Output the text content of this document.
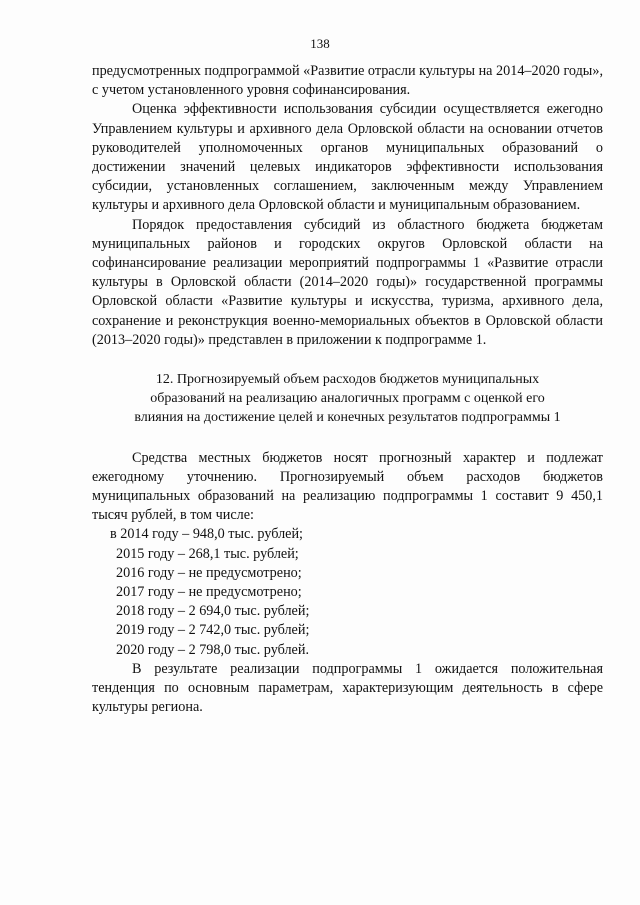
138

предусмотренных подпрограммой «Развитие отрасли культуры на 2014–2020 годы», с учетом установленного уровня софинансирования.

Оценка эффективности использования субсидии осуществляется ежегодно Управлением культуры и архивного дела Орловской области на основании отчетов руководителей уполномоченных органов муниципальных образований о достижении значений целевых индикаторов эффективности использования субсидии, установленных соглашением, заключенным между Управлением культуры и архивного дела Орловской области и муниципальным образованием.

Порядок предоставления субсидий из областного бюджета бюджетам муниципальных районов и городских округов Орловской области на софинансирование реализации мероприятий подпрограммы 1 «Развитие отрасли культуры в Орловской области (2014–2020 годы)» государственной программы Орловской области «Развитие культуры и искусства, туризма, архивного дела, сохранение и реконструкция военно-мемориальных объектов в Орловской области (2013–2020 годы)» представлен в приложении к подпрограмме 1.

12. Прогнозируемый объем расходов бюджетов муниципальных
образований на реализацию аналогичных программ с оценкой его
влияния на достижение целей и конечных результатов подпрограммы 1

Средства местных бюджетов носят прогнозный характер и подлежат ежегодному уточнению. Прогнозируемый объем расходов бюджетов муниципальных образований на реализацию подпрограммы 1 составит 9 450,1 тысяч рублей, в том числе:

в 2014 году – 948,0 тыс. рублей;
2015 году – 268,1 тыс. рублей;
2016 году – не предусмотрено;
2017 году – не предусмотрено;
2018 году – 2 694,0 тыс. рублей;
2019 году – 2 742,0 тыс. рублей;
2020 году – 2 798,0 тыс. рублей.

В результате реализации подпрограммы 1 ожидается положительная тенденция по основным параметрам, характеризующим деятельность в сфере культуры региона.
